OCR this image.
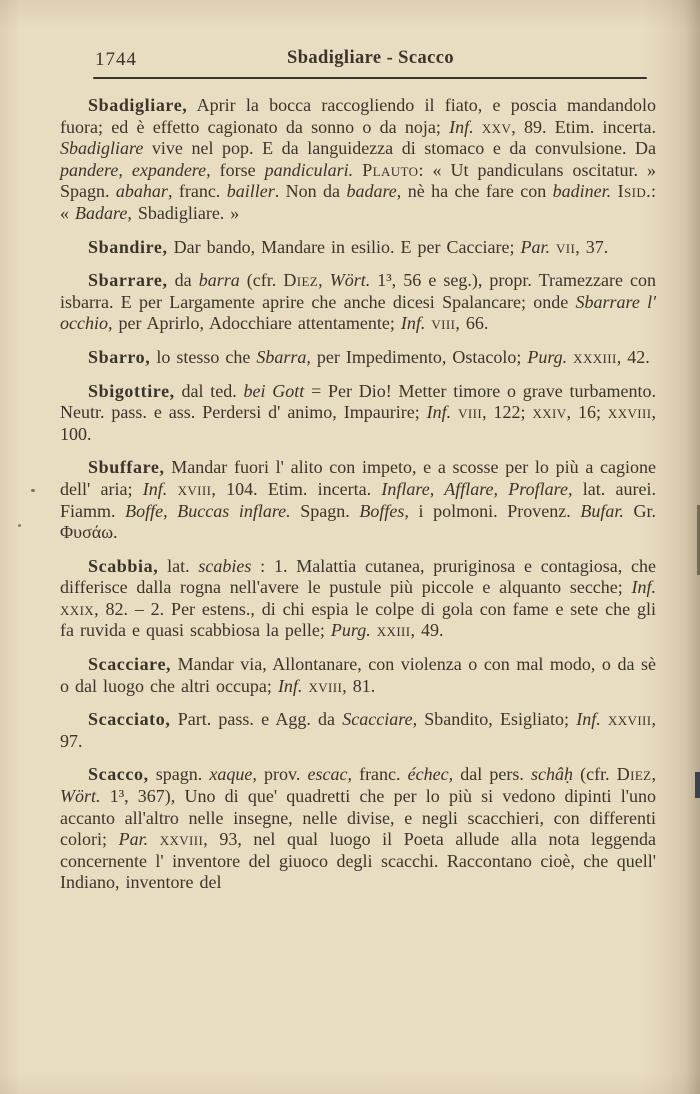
1744	Sbadigliare - Scacco

Sbadigliare, Aprir la bocca raccogliendo il fiato, e poscia mandandolo fuora; ed è effetto cagionato da sonno o da noja; Inf. xxv, 89. Etim. incerta. Sbadigliare vive nel pop. E da languidezza di stomaco e da convulsione. Da pandere, expandere, forse pandiculari. Plauto: « Ut pandiculans oscitatur. » Spagn. abahar, franc. bailler. Non da badare, nè ha che fare con badiner. Isid.: « Badare, Sbadigliare. »

Sbandire, Dar bando, Mandare in esilio. E per Cacciare; Par. vii, 37.

Sbarrare, da barra (cfr. Diez, Wört. 1³, 56 e seg.), propr. Tramezzare con isbarra. E per Largamente aprire che anche dicesi Spalancare; onde Sbarrare l' occhio, per Aprirlo, Adocchiare attentamente; Inf. viii, 66.

Sbarro, lo stesso che Sbarra, per Impedimento, Ostacolo; Purg. xxxiii, 42.

Sbigottire, dal ted. bei Gott = Per Dio! Metter timore o grave turbamento. Neutr. pass. e ass. Perdersi d' animo, Impaurire; Inf. viii, 122; xxiv, 16; xxviii, 100.

Sbuffare, Mandar fuori l' alito con impeto, e a scosse per lo più a cagione dell' aria; Inf. xviii, 104. Etim. incerta. Inflare, Afflare, Proflare, lat. aurei. Fiamm. Boffe, Buccas inflare. Spagn. Boffes, i polmoni. Provenz. Bufar. Gr. Φυσάω.

Scabbia, lat. scabies : 1. Malattia cutanea, pruriginosa e contagiosa, che differisce dalla rogna nell'avere le pustule più piccole e alquanto secche; Inf. xxix, 82. – 2. Per estens., di chi espia le colpe di gola con fame e sete che gli fa ruvida e quasi scabbiosa la pelle; Purg. xxiii, 49.

Scacciare, Mandar via, Allontanare, con violenza o con mal modo, o da sè o dal luogo che altri occupa; Inf. xviii, 81.

Scacciato, Part. pass. e Agg. da Scacciare, Sbandito, Esigliato; Inf. xxviii, 97.

Scacco, spagn. xaque, prov. escac, franc. échec, dal pers. schâḥ (cfr. Diez, Wört. 1³, 367), Uno di que' quadretti che per lo più si vedono dipinti l'uno accanto all'altro nelle insegne, nelle divise, e negli scacchieri, con differenti colori; Par. xxviii, 93, nel qual luogo il Poeta allude alla nota leggenda concernente l' inventore del giuoco degli scacchi. Raccontano cioè, che quell' Indiano, inventore del
